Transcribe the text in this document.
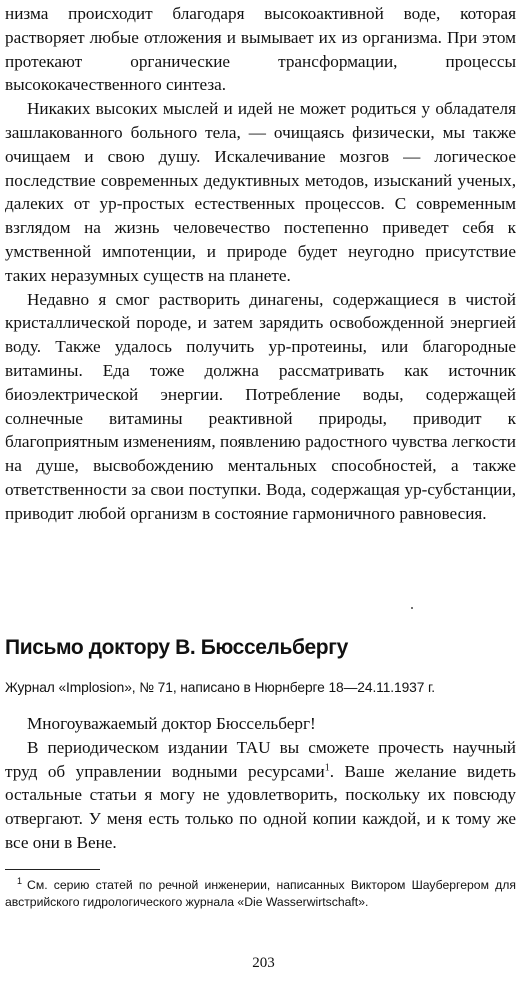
низма происходит благодаря высокоактивной воде, которая растворяет любые отложения и вымывает их из организма. При этом протекают органические трансформации, процессы высококачественного синтеза.

Никаких высоких мыслей и идей не может родиться у обладателя зашлакованного больного тела, — очищаясь физически, мы также очищаем и свою душу. Искалечивание мозгов — логическое последствие современных дедуктивных методов, изысканий ученых, далеких от ур-простых естественных процессов. С современным взглядом на жизнь человечество постепенно приведет себя к умственной импотенции, и природе будет неугодно присутствие таких неразумных существ на планете.

Недавно я смог растворить динагены, содержащиеся в чистой кристаллической породе, и затем зарядить освобожденной энергией воду. Также удалось получить ур-протеины, или благородные витамины. Еда тоже должна рассматривать как источник биоэлектрической энергии. Потребление воды, содержащей солнечные витамины реактивной природы, приводит к благоприятным изменениям, появлению радостного чувства легкости на душе, высвобождению ментальных способностей, а также ответственности за свои поступки. Вода, содержащая ур-субстанции, приводит любой организм в состояние гармоничного равновесия.

Письмо доктору В. Бюссельбергу
Журнал «Implosion», № 71, написано в Нюрнберге 18—24.11.1937 г.

Многоуважаемый доктор Бюссельберг!

В периодическом издании TAU вы сможете прочесть научный труд об управлении водными ресурсами$^1$. Ваше желание видеть остальные статьи я могу не удовлетворить, поскольку их повсюду отвергают. У меня есть только по одной копии каждой, и к тому же все они в Вене.

$^1$ См. серию статей по речной инженерии, написанных Виктором Шаубергером для австрийского гидрологического журнала «Die Wasserwirtschaft».

203
